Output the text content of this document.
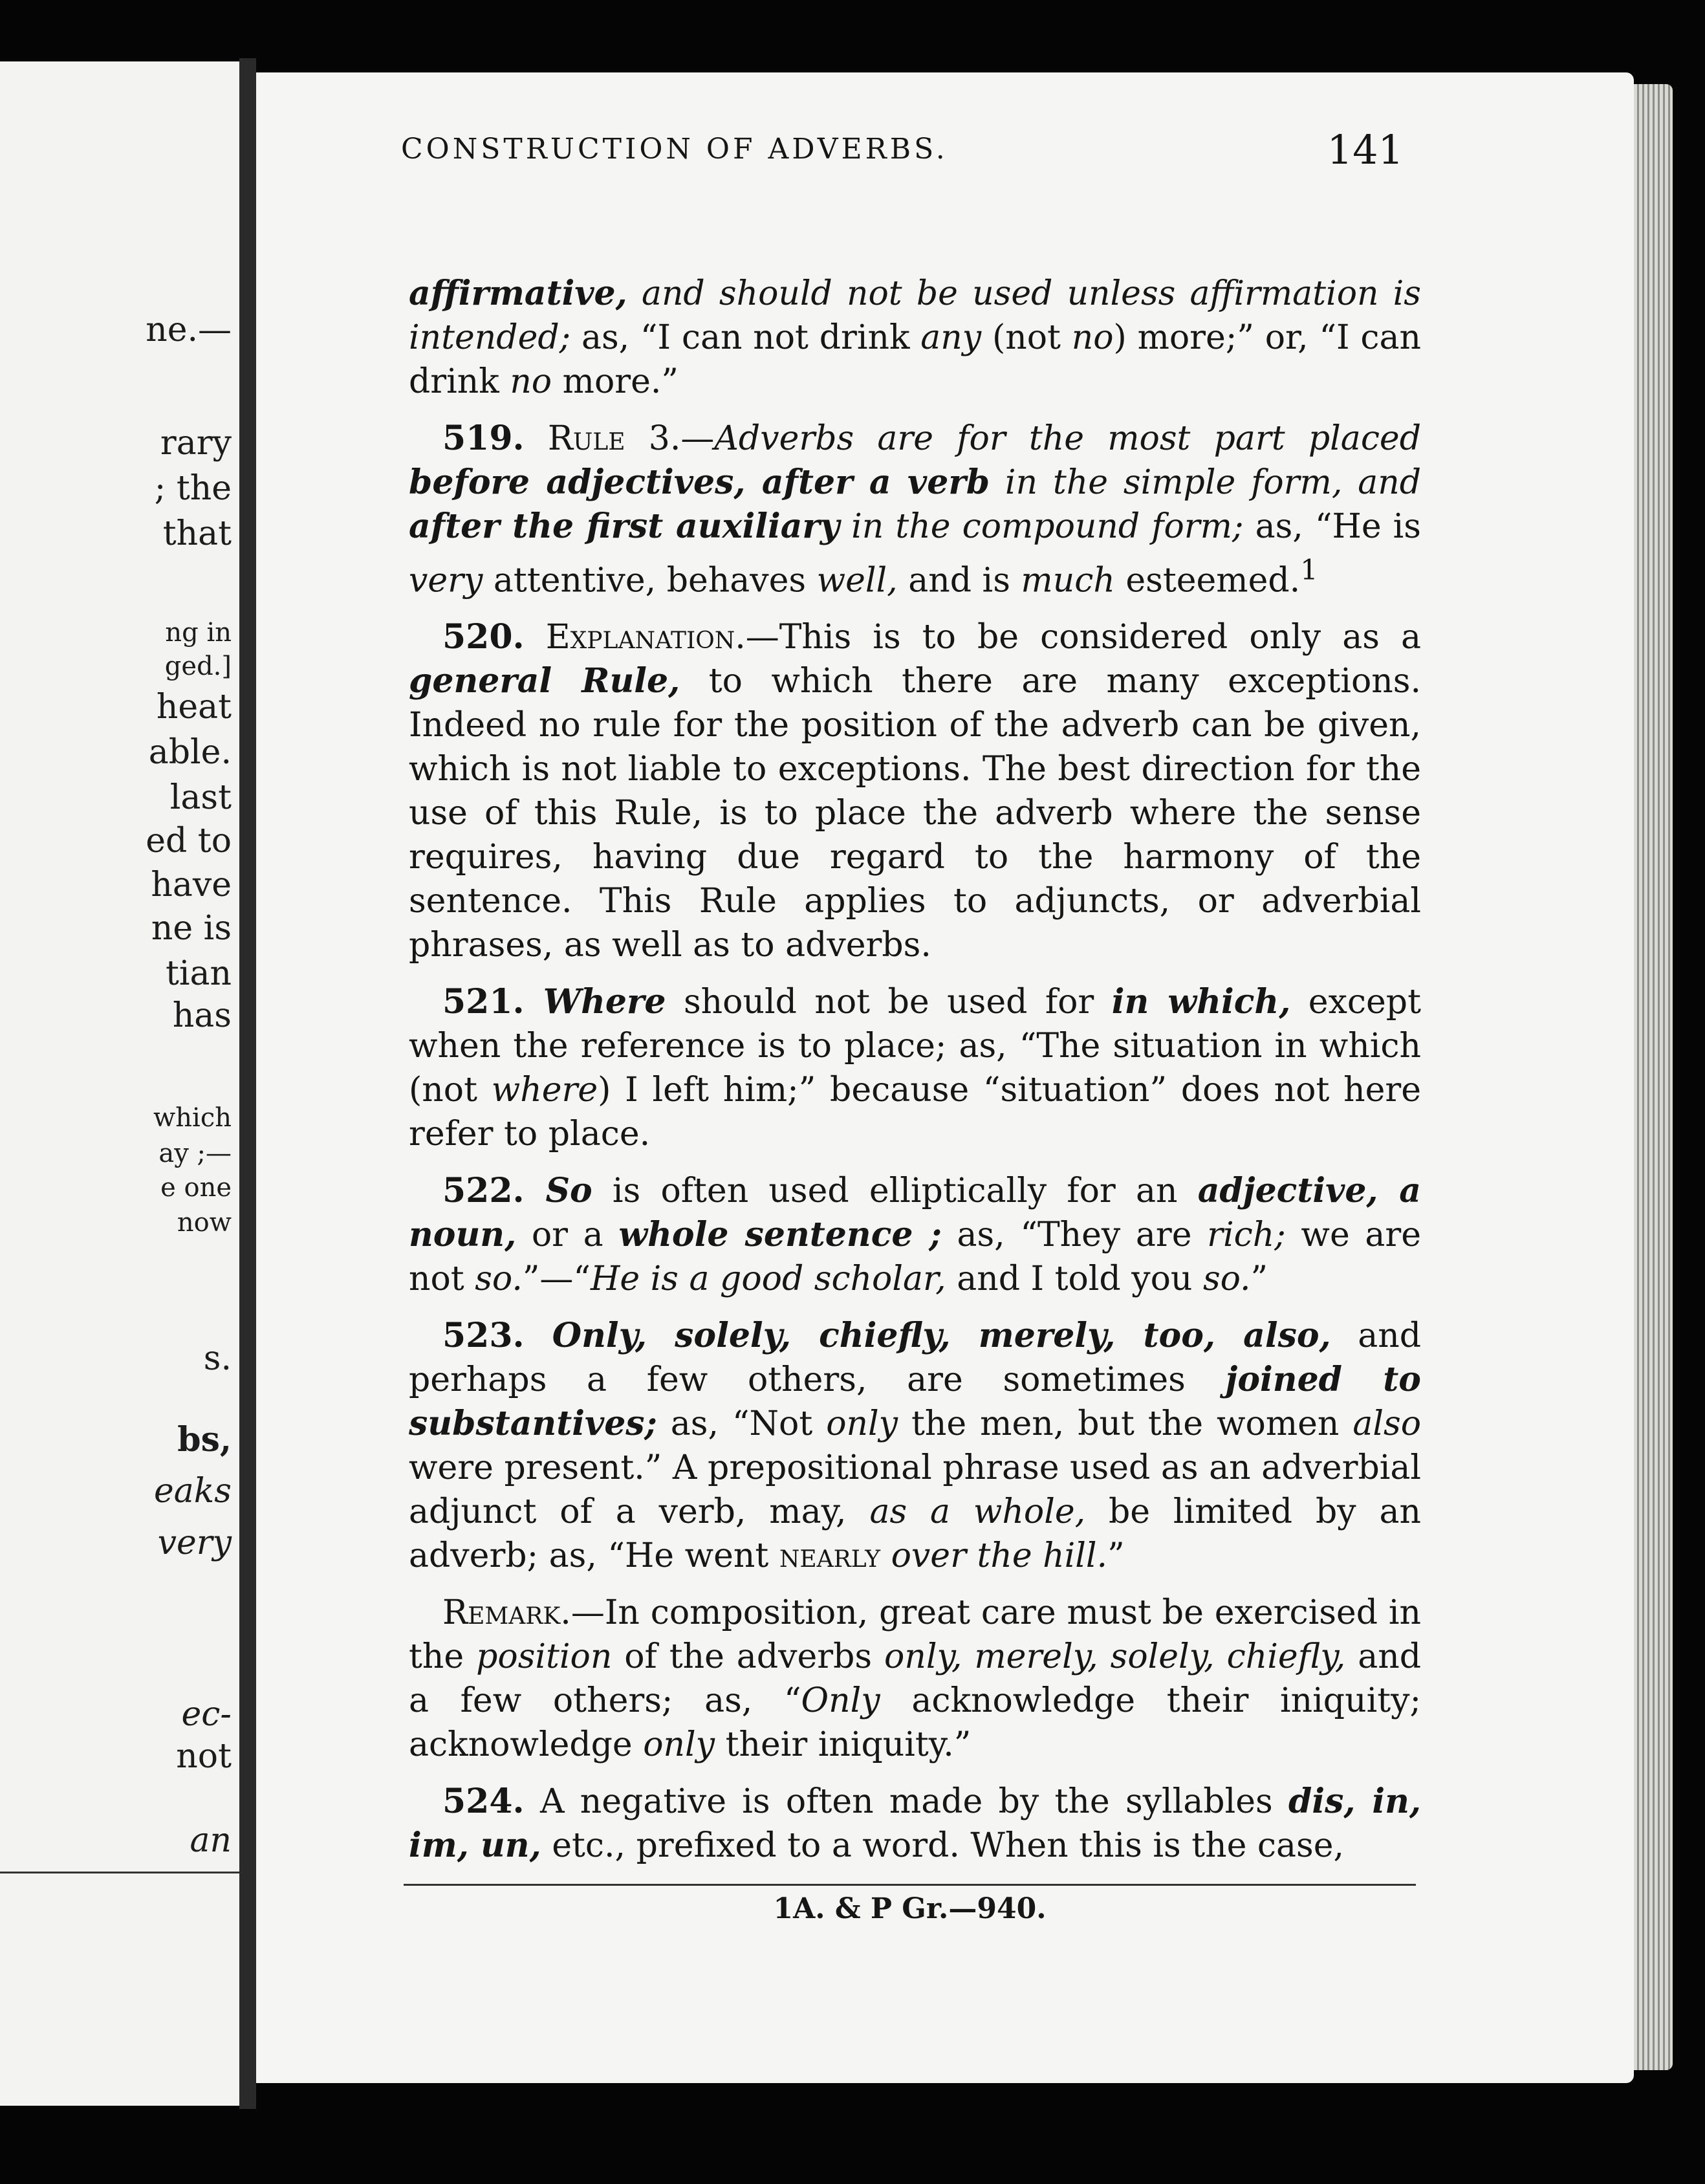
ne.—
rary
; the
that
ng in
ged.]
heat
able.
last
ed to
have
ne is
tian
has
which
ay ;—
e one
now
s.
bs,
eaks
very
ec-
not
an
CONSTRUCTION OF ADVERBS.	141

affirmative, and should not be used unless affirmation is intended; as, “I can not drink any (not no) more;” or, “I can drink no more.”

519. Rule 3.—Adverbs are for the most part placed before adjectives, after a verb in the simple form, and after the first auxiliary in the compound form; as, “He is very attentive, behaves well, and is much esteemed.$^1$

520. Explanation.—This is to be considered only as a general Rule, to which there are many exceptions. Indeed no rule for the position of the adverb can be given, which is not liable to exceptions. The best direction for the use of this Rule, is to place the adverb where the sense requires, having due regard to the harmony of the sentence. This Rule applies to adjuncts, or adverbial phrases, as well as to adverbs.

521. Where should not be used for in which, except when the reference is to place; as, “The situation in which (not where) I left him;” because “situation” does not here refer to place.

522. So is often used elliptically for an adjective, a noun, or a whole sentence ; as, “They are rich; we are not so.”—“He is a good scholar, and I told you so.”

523. Only, solely, chiefly, merely, too, also, and perhaps a few others, are sometimes joined to substantives; as, “Not only the men, but the women also were present.” A prepositional phrase used as an adverbial adjunct of a verb, may, as a whole, be limited by an adverb; as, “He went nearly over the hill.”

Remark.—In composition, great care must be exercised in the position of the adverbs only, merely, solely, chiefly, and a few others; as, “Only acknowledge their iniquity; acknowledge only their iniquity.”

524. A negative is often made by the syllables dis, in, im, un, etc., prefixed to a word. When this is the case,

1A. & P Gr.—940.
